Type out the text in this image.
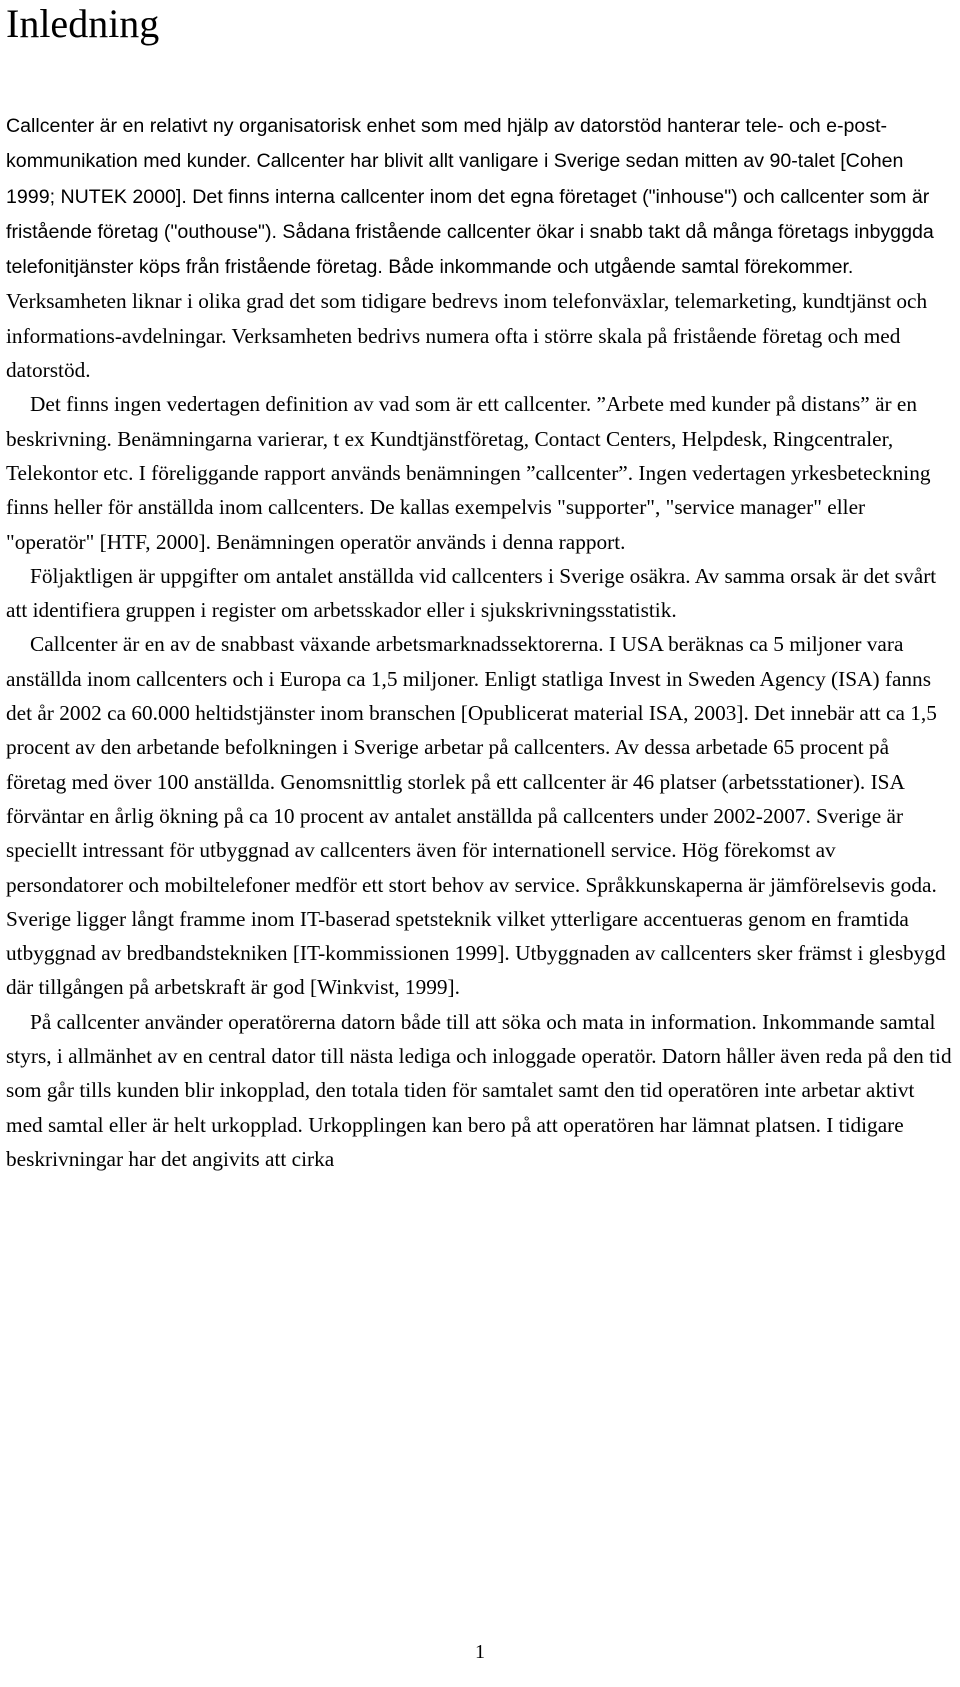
Inledning

Callcenter är en relativt ny organisatorisk enhet som med hjälp av datorstöd hanterar tele- och e-post-kommunikation med kunder. Callcenter har blivit allt vanligare i Sverige sedan mitten av 90-talet [Cohen 1999; NUTEK 2000]. Det finns interna callcenter inom det egna företaget ("inhouse") och callcenter som är fristående företag ("outhouse"). Sådana fristående callcenter ökar i snabb takt då många företags inbyggda telefonitjänster köps från fristående företag. Både inkommande och utgående samtal förekommer. Verksamheten liknar i olika grad det som tidigare bedrevs inom telefonväxlar, telemarketing, kundtjänst och informations-avdelningar. Verksamheten bedrivs numera ofta i större skala på fristående företag och med datorstöd.

Det finns ingen vedertagen definition av vad som är ett callcenter. ”Arbete med kunder på distans” är en beskrivning. Benämningarna varierar, t ex Kundtjänstföretag, Contact Centers, Helpdesk, Ringcentraler, Telekontor etc. I föreliggande rapport används benämningen ”callcenter”. Ingen vedertagen yrkesbeteckning finns heller för anställda inom callcenters. De kallas exempelvis "supporter", "service manager" eller "operatör" [HTF, 2000]. Benämningen operatör används i denna rapport.

Följaktligen är uppgifter om antalet anställda vid callcenters i Sverige osäkra. Av samma orsak är det svårt att identifiera gruppen i register om arbetsskador eller i sjukskrivningsstatistik.

Callcenter är en av de snabbast växande arbetsmarknadssektorerna. I USA beräknas ca 5 miljoner vara anställda inom callcenters och i Europa ca 1,5 miljoner. Enligt statliga Invest in Sweden Agency (ISA) fanns det år 2002 ca 60.000 heltidstjänster inom branschen [Opublicerat material ISA, 2003]. Det innebär att ca 1,5 procent av den arbetande befolkningen i Sverige arbetar på callcenters. Av dessa arbetade 65 procent på företag med över 100 anställda. Genomsnittlig storlek på ett callcenter är 46 platser (arbetsstationer). ISA förväntar en årlig ökning på ca 10 procent av antalet anställda på callcenters under 2002-2007. Sverige är speciellt intressant för utbyggnad av callcenters även för internationell service. Hög förekomst av persondatorer och mobiltelefoner medför ett stort behov av service. Språkkunskaperna är jämförelsevis goda. Sverige ligger långt framme inom IT-baserad spetsteknik vilket ytterligare accentueras genom en framtida utbyggnad av bredbandstekniken [IT-kommissionen 1999]. Utbyggnaden av callcenters sker främst i glesbygd där tillgången på arbetskraft är god [Winkvist, 1999].

På callcenter använder operatörerna datorn både till att söka och mata in information. Inkommande samtal styrs, i allmänhet av en central dator till nästa lediga och inloggade operatör. Datorn håller även reda på den tid som går tills kunden blir inkopplad, den totala tiden för samtalet samt den tid operatören inte arbetar aktivt med samtal eller är helt urkopplad. Urkopplingen kan bero på att operatören har lämnat platsen. I tidigare beskrivningar har det angivits att cirka

1
